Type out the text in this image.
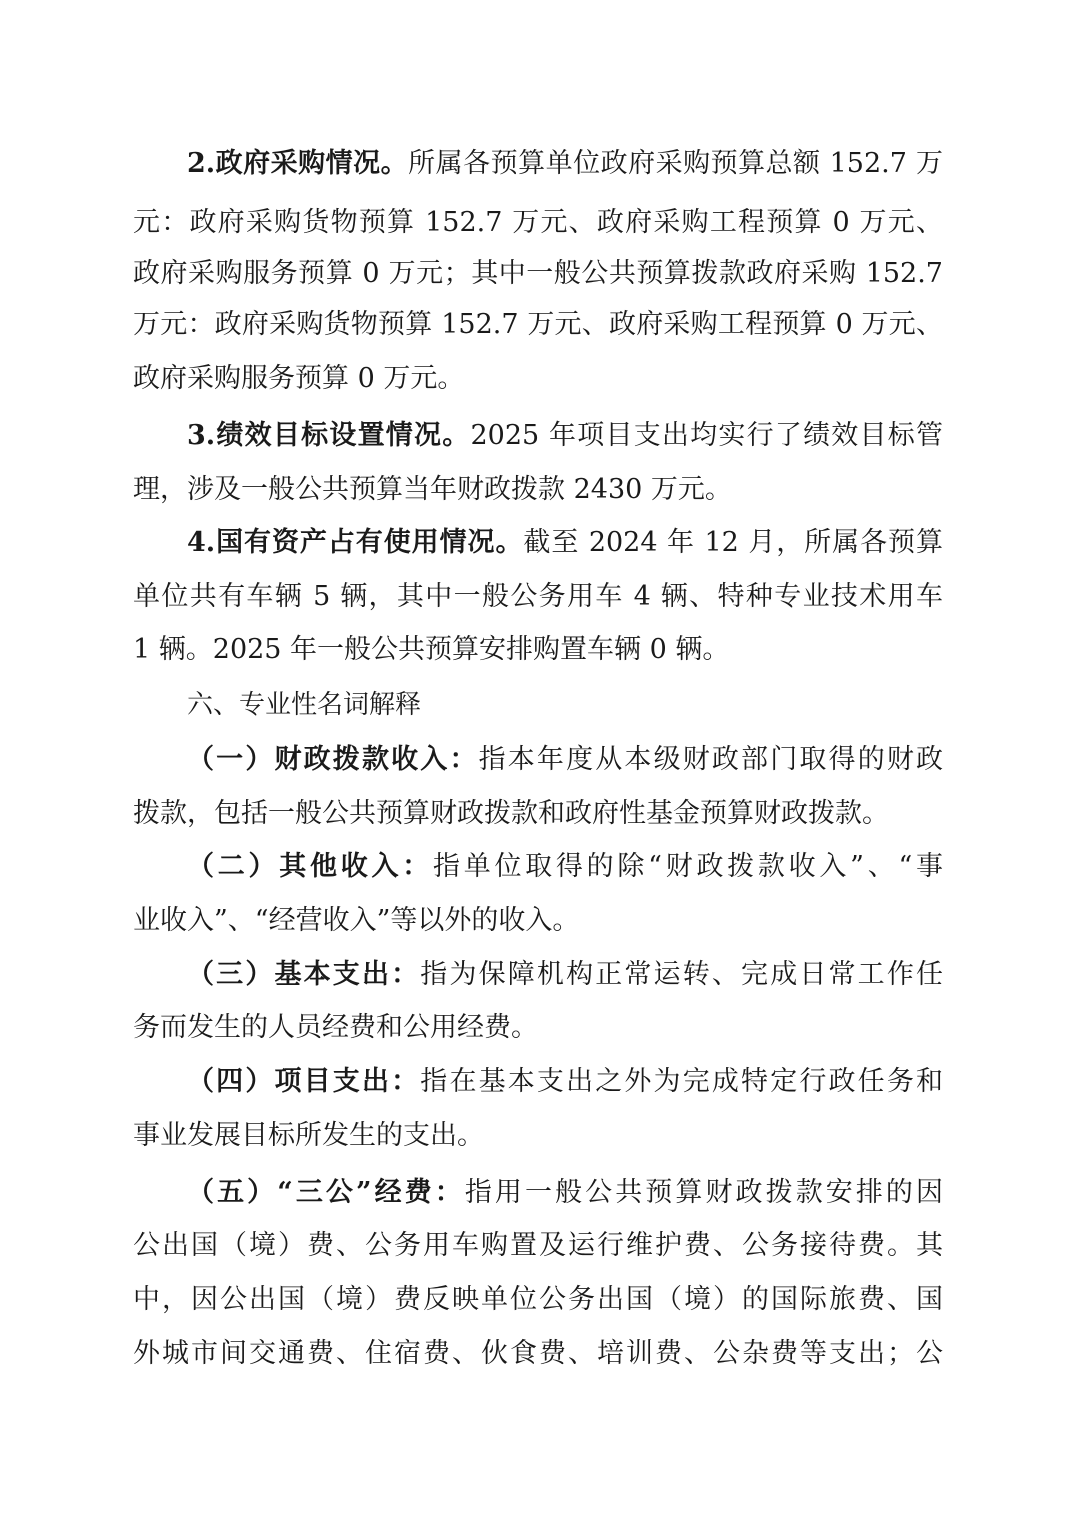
2.政府采购情况。所属各预算单位政府采购预算总额 152.7 万
元：政府采购货物预算 152.7 万元、政府采购工程预算 0 万元、
政府采购服务预算 0 万元；其中一般公共预算拨款政府采购 152.7
万元：政府采购货物预算 152.7 万元、政府采购工程预算 0 万元、
政府采购服务预算 0 万元。
3.绩效目标设置情况。2025 年项目支出均实行了绩效目标管
理，涉及一般公共预算当年财政拨款 2430 万元。
4.国有资产占有使用情况。截至 2024 年 12 月，所属各预算
单位共有车辆 5 辆，其中一般公务用车 4 辆、特种专业技术用车
1 辆。2025 年一般公共预算安排购置车辆 0 辆。
六、专业性名词解释
（一）财政拨款收入：指本年度从本级财政部门取得的财政
拨款，包括一般公共预算财政拨款和政府性基金预算财政拨款。
（二）其他收入：指单位取得的除“财政拨款收入”、“事
业收入”、“经营收入”等以外的收入。
（三）基本支出：指为保障机构正常运转、完成日常工作任
务而发生的人员经费和公用经费。
（四）项目支出：指在基本支出之外为完成特定行政任务和
事业发展目标所发生的支出。
（五）“三公”经费：指用一般公共预算财政拨款安排的因
公出国（境）费、公务用车购置及运行维护费、公务接待费。其
中，因公出国（境）费反映单位公务出国（境）的国际旅费、国
外城市间交通费、住宿费、伙食费、培训费、公杂费等支出；公
